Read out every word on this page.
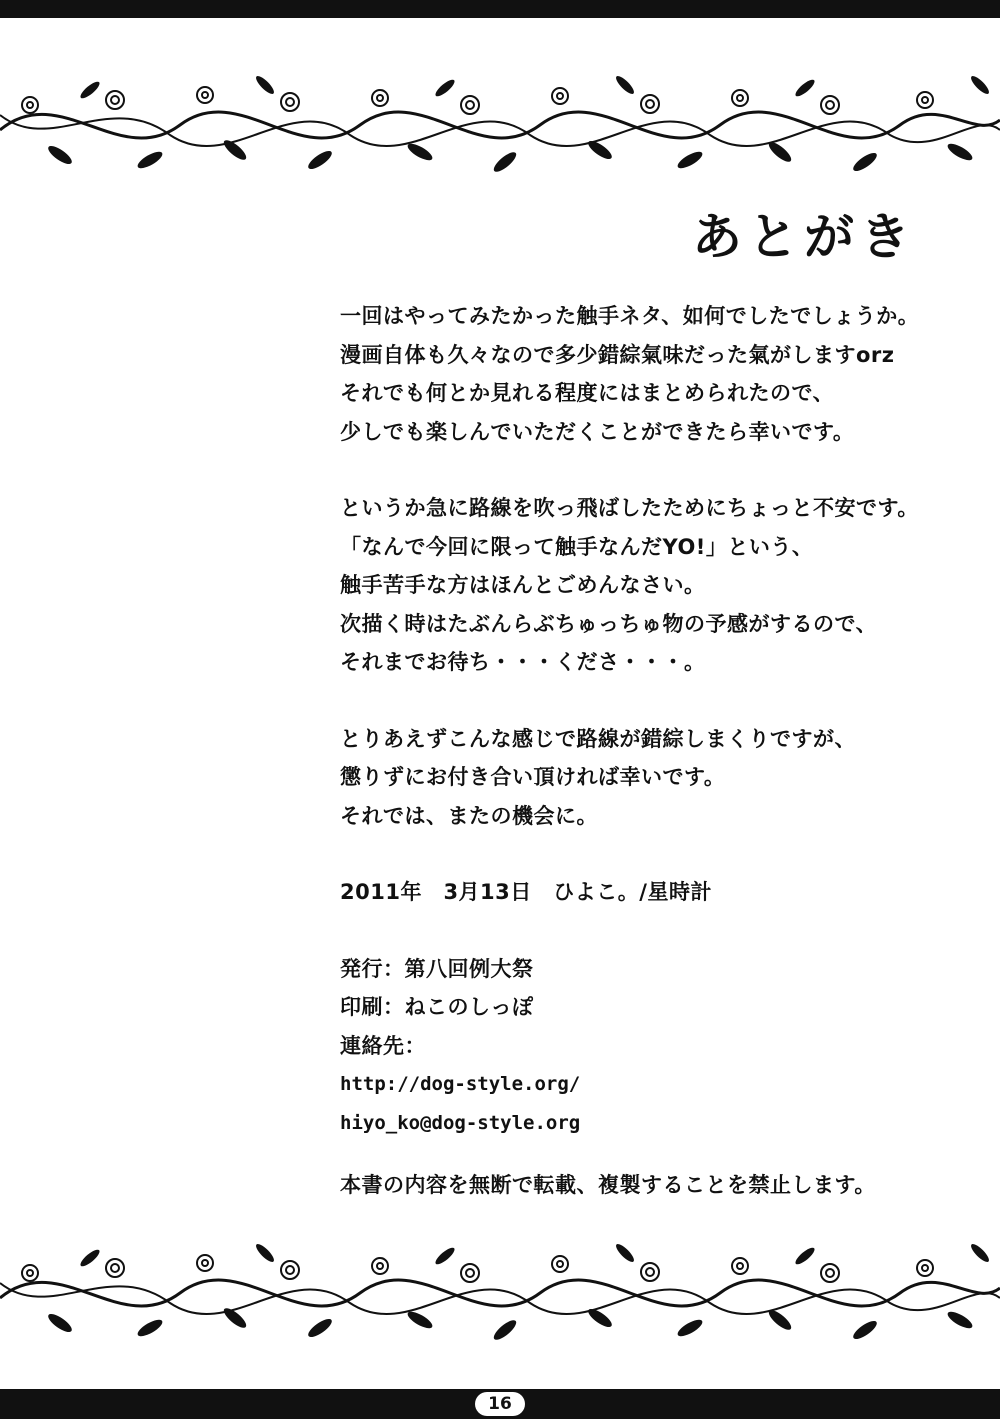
あとがき
一回はやってみたかった触手ネタ、如何でしたでしょうか。
漫画自体も久々なので多少錯綜氣味だった氣がしますorz
それでも何とか見れる程度にはまとめられたので、
少しでも楽しんでいただくことができたら幸いです。
というか急に路線を吹っ飛ばしたためにちょっと不安です。
「なんで今回に限って触手なんだYO!」という、
触手苦手な方はほんとごめんなさい。
次描く時はたぶんらぶちゅっちゅ物の予感がするので、
それまでお待ち・・・くださ・・・。
とりあえずこんな感じで路線が錯綜しまくりですが、
懲りずにお付き合い頂ければ幸いです。
それでは、またの機会に。
2011年　3月13日　ひよこ。/星時計
発行：第八回例大祭
印刷：ねこのしっぽ
連絡先：
http://dog-style.org/
hiyo_ko@dog-style.org
本書の内容を無断で転載、複製することを禁止します。
16
